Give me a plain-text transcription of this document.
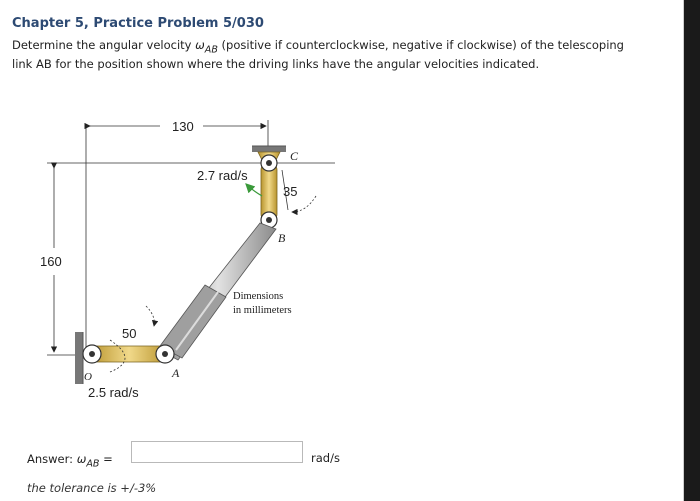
Chapter 5, Practice Problem 5/030
Determine the angular velocity $\omega_{AB}$ (positive if counterclockwise, negative if clockwise) of the telescoping link AB for the position shown where the driving links have the angular velocities indicated.
130
160
35
2.7 rad/s
C
B
50
O	A
2.5 rad/s
Dimensions
in millimeters
Answer: $\omega_{AB}$ =	rad/s
the tolerance is +/-3%
